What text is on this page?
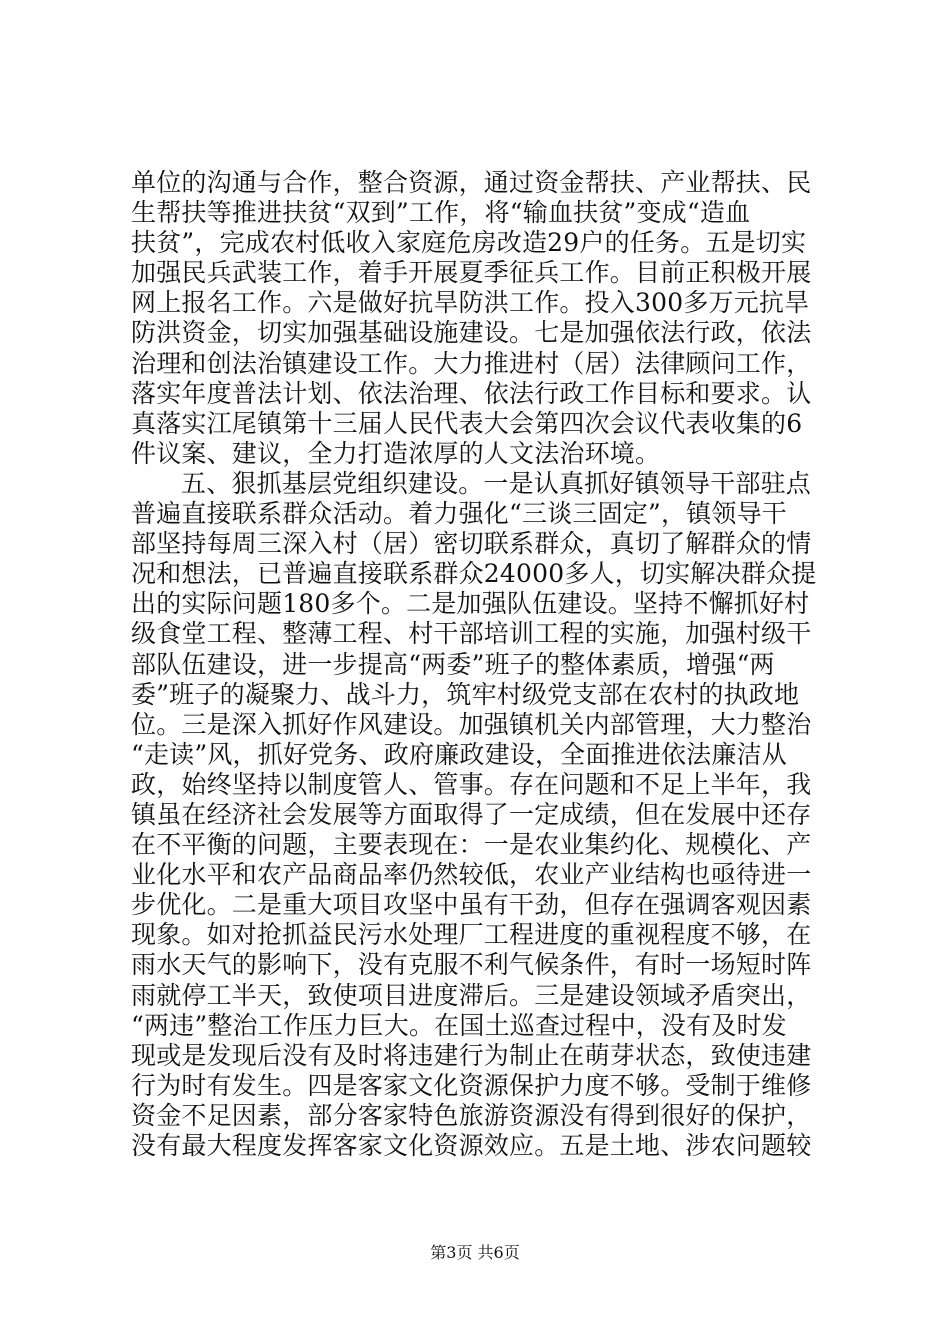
单位的沟通与合作，整合资源，通过资金帮扶、产业帮扶、民
生帮扶等推进扶贫“双到”工作，将“输血扶贫”变成“造血
扶贫”，完成农村低收入家庭危房改造29户的任务。五是切实
加强民兵武装工作，着手开展夏季征兵工作。目前正积极开展
网上报名工作。六是做好抗旱防洪工作。投入300多万元抗旱
防洪资金，切实加强基础设施建设。七是加强依法行政，依法
治理和创法治镇建设工作。大力推进村（居）法律顾问工作，
落实年度普法计划、依法治理、依法行政工作目标和要求。认
真落实江尾镇第十三届人民代表大会第四次会议代表收集的6
件议案、建议，全力打造浓厚的人文法治环境。
五、狠抓基层党组织建设。一是认真抓好镇领导干部驻点
普遍直接联系群众活动。着力强化“三谈三固定”，镇领导干
部坚持每周三深入村（居）密切联系群众，真切了解群众的情
况和想法，已普遍直接联系群众24000多人，切实解决群众提
出的实际问题180多个。二是加强队伍建设。坚持不懈抓好村
级食堂工程、整薄工程、村干部培训工程的实施，加强村级干
部队伍建设，进一步提高“两委”班子的整体素质，增强“两
委”班子的凝聚力、战斗力，筑牢村级党支部在农村的执政地
位。三是深入抓好作风建设。加强镇机关内部管理，大力整治
“走读”风，抓好党务、政府廉政建设，全面推进依法廉洁从
政，始终坚持以制度管人、管事。存在问题和不足上半年，我
镇虽在经济社会发展等方面取得了一定成绩，但在发展中还存
在不平衡的问题，主要表现在：一是农业集约化、规模化、产
业化水平和农产品商品率仍然较低，农业产业结构也亟待进一
步优化。二是重大项目攻坚中虽有干劲，但存在强调客观因素
现象。如对抢抓益民污水处理厂工程进度的重视程度不够，在
雨水天气的影响下，没有克服不利气候条件，有时一场短时阵
雨就停工半天，致使项目进度滞后。三是建设领域矛盾突出，
“两违”整治工作压力巨大。在国土巡查过程中，没有及时发
现或是发现后没有及时将违建行为制止在萌芽状态，致使违建
行为时有发生。四是客家文化资源保护力度不够。受制于维修
资金不足因素，部分客家特色旅游资源没有得到很好的保护，
没有最大程度发挥客家文化资源效应。五是土地、涉农问题较
第3页 共6页
